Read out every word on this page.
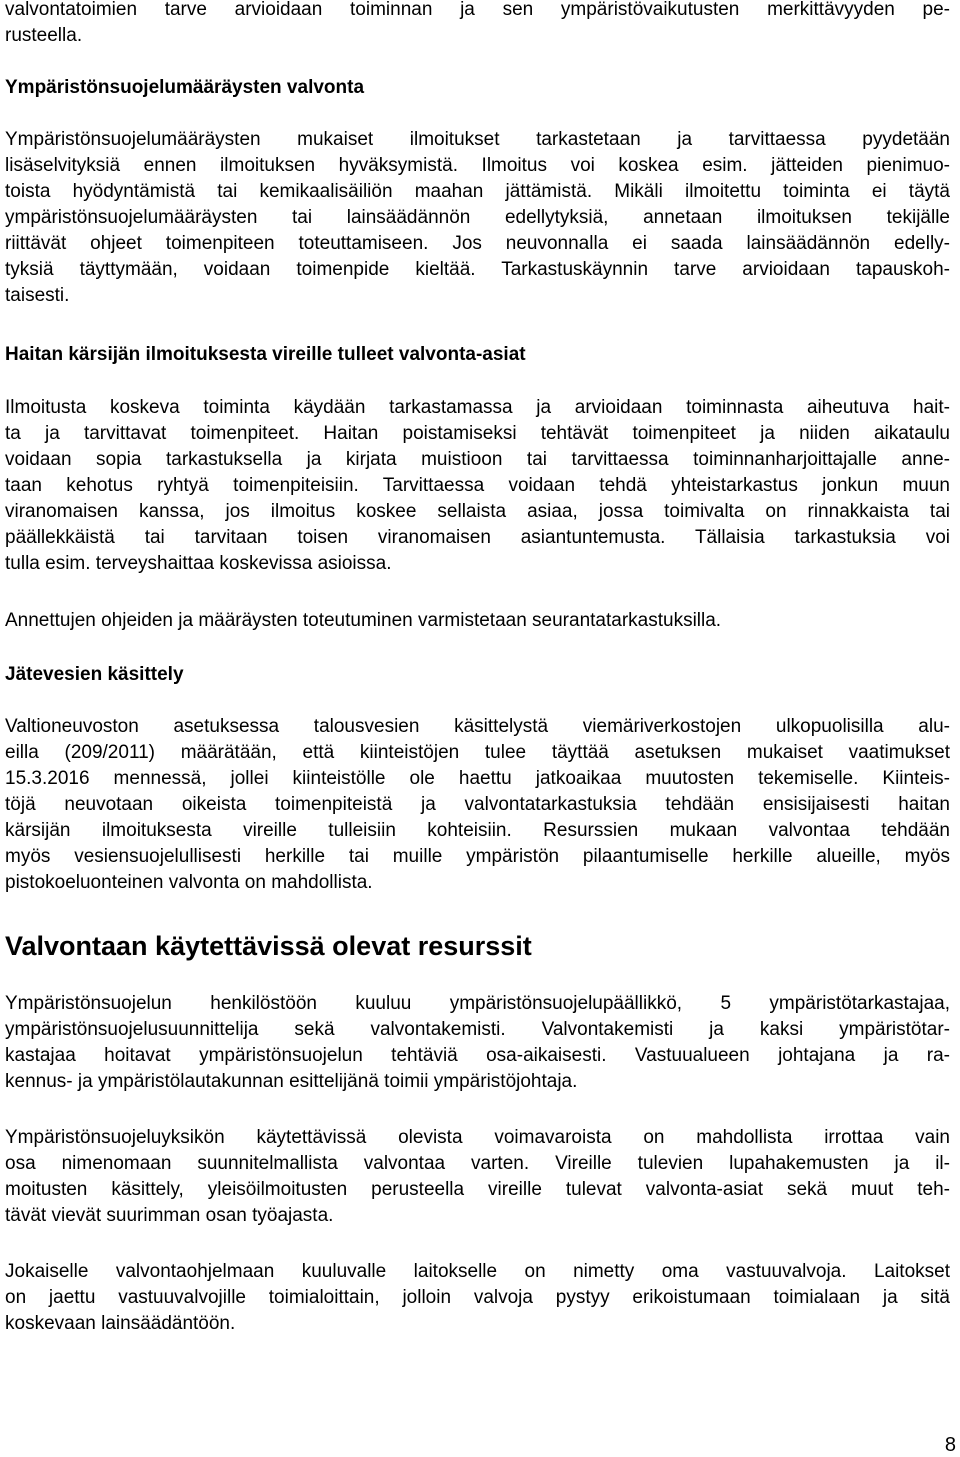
valvontatoimien tarve arvioidaan toiminnan ja sen ympäristövaikutusten merkittävyyden pe-
rusteella.
Ympäristönsuojelumääräysten valvonta
Ympäristönsuojelumääräysten mukaiset ilmoitukset tarkastetaan ja tarvittaessa pyydetään
lisäselvityksiä ennen ilmoituksen hyväksymistä. Ilmoitus voi koskea esim. jätteiden pienimuo-
toista hyödyntämistä tai kemikaalisäiliön maahan jättämistä. Mikäli ilmoitettu toiminta ei täytä
ympäristönsuojelumääräysten tai lainsäädännön edellytyksiä, annetaan ilmoituksen tekijälle
riittävät ohjeet toimenpiteen toteuttamiseen. Jos neuvonnalla ei saada lainsäädännön edelly-
tyksiä täyttymään, voidaan toimenpide kieltää. Tarkastuskäynnin tarve arvioidaan tapauskoh-
taisesti.
Haitan kärsijän ilmoituksesta vireille tulleet valvonta-asiat
Ilmoitusta koskeva toiminta käydään tarkastamassa ja arvioidaan toiminnasta aiheutuva hait-
ta ja tarvittavat toimenpiteet. Haitan poistamiseksi tehtävät toimenpiteet ja niiden aikataulu
voidaan sopia tarkastuksella ja kirjata muistioon tai tarvittaessa toiminnanharjoittajalle anne-
taan kehotus ryhtyä toimenpiteisiin. Tarvittaessa voidaan tehdä yhteistarkastus jonkun muun
viranomaisen kanssa, jos ilmoitus koskee sellaista asiaa, jossa toimivalta on rinnakkaista tai
päällekkäistä tai tarvitaan toisen viranomaisen asiantuntemusta. Tällaisia tarkastuksia voi
tulla esim. terveyshaittaa koskevissa asioissa.
Annettujen ohjeiden ja määräysten toteutuminen varmistetaan seurantatarkastuksilla.
Jätevesien käsittely
Valtioneuvoston asetuksessa talousvesien käsittelystä viemäriverkostojen ulkopuolisilla alu-
eilla (209/2011) määrätään, että kiinteistöjen tulee täyttää asetuksen mukaiset vaatimukset
15.3.2016 mennessä, jollei kiinteistölle ole haettu jatkoaikaa muutosten tekemiselle. Kiinteis-
töjä neuvotaan oikeista toimenpiteistä ja valvontatarkastuksia tehdään ensisijaisesti haitan
kärsijän ilmoituksesta vireille tulleisiin kohteisiin. Resurssien mukaan valvontaa tehdään
myös vesiensuojelullisesti herkille tai muille ympäristön pilaantumiselle herkille alueille, myös
pistokoeluonteinen valvonta on mahdollista.
Valvontaan käytettävissä olevat resurssit
Ympäristönsuojelun henkilöstöön kuuluu ympäristönsuojelupäällikkö, 5 ympäristötarkastajaa,
ympäristönsuojelusuunnittelija sekä valvontakemisti. Valvontakemisti ja kaksi ympäristötar-
kastajaa hoitavat ympäristönsuojelun tehtäviä osa-aikaisesti. Vastuualueen johtajana ja ra-
kennus- ja ympäristölautakunnan esittelijänä toimii ympäristöjohtaja.
Ympäristönsuojeluyksikön käytettävissä olevista voimavaroista on mahdollista irrottaa vain
osa nimenomaan suunnitelmallista valvontaa varten. Vireille tulevien lupahakemusten ja il-
moitusten käsittely, yleisöilmoitusten perusteella vireille tulevat valvonta-asiat sekä muut teh-
tävät vievät suurimman osan työajasta.
Jokaiselle valvontaohjelmaan kuuluvalle laitokselle on nimetty oma vastuuvalvoja. Laitokset
on jaettu vastuuvalvojille toimialoittain, jolloin valvoja pystyy erikoistumaan toimialaan ja sitä
koskevaan lainsäädäntöön.
8
